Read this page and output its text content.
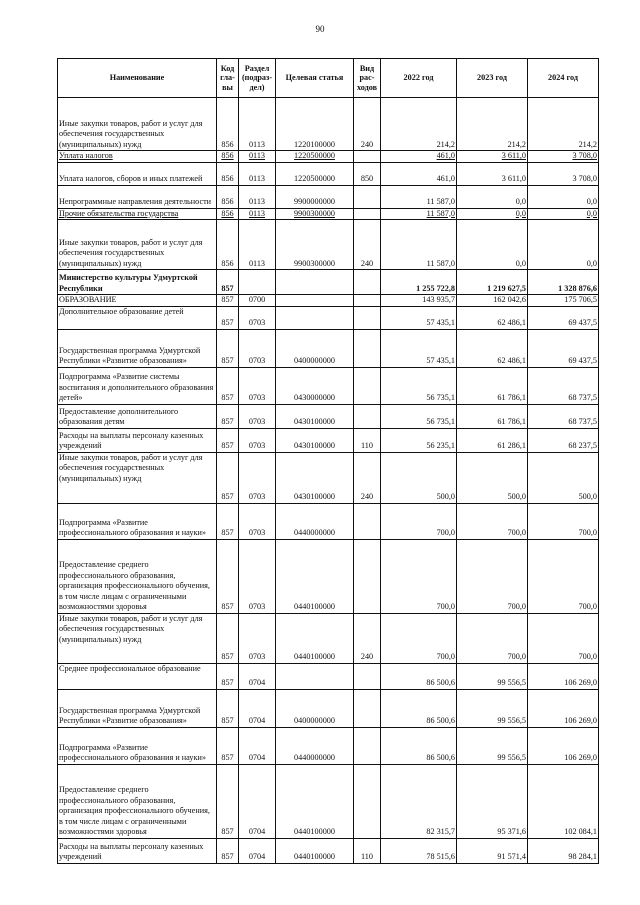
90
Наименование	Код гла- вы	Раздел (подраз- дел)	Целевая статья	Вид рас- ходов	2022 год	2023 год	2024 год
Иные закупки товаров, работ и услуг для обеспечения государственных (муниципальных) нужд	856	0113	1220100000	240	214,2	214,2	214,2
Уплата налогов	856	0113	1220500000		461,0	3 611,0	3 708,0
Уплата налогов, сборов и иных платежей	856	0113	1220500000	850	461,0	3 611,0	3 708,0
Непрограммные направления деятельности	856	0113	9900000000		11 587,0	0,0	0,0
Прочие обязательства государства	856	0113	9900300000		11 587,0	0,0	0,0
Иные закупки товаров, работ и услуг для обеспечения государственных (муниципальных) нужд	856	0113	9900300000	240	11 587,0	0,0	0,0
Министерство культуры Удмуртской Республики	857				1 255 722,8	1 219 627,5	1 328 876,6
ОБРАЗОВАНИЕ	857	0700			143 935,7	162 042,6	175 706,5
Дополнительное образование детей	857	0703			57 435,1	62 486,1	69 437,5
Государственная программа Удмуртской Республики «Развитие образования»	857	0703	0400000000		57 435,1	62 486,1	69 437,5
Подпрограмма «Развитие системы воспитания и дополнительного образования детей»	857	0703	0430000000		56 735,1	61 786,1	68 737,5
Предоставление дополнительного образования детям	857	0703	0430100000		56 735,1	61 786,1	68 737,5
Расходы на выплаты персоналу казенных учреждений	857	0703	0430100000	110	56 235,1	61 286,1	68 237,5
Иные закупки товаров, работ и услуг для обеспечения государственных (муниципальных) нужд	857	0703	0430100000	240	500,0	500,0	500,0
Подпрограмма «Развитие профессионального образования и науки»	857	0703	0440000000		700,0	700,0	700,0
Предоставление среднего профессионального образования, организация профессионального обучения, в том числе лицам с ограниченными возможностями здоровья	857	0703	0440100000		700,0	700,0	700,0
Иные закупки товаров, работ и услуг для обеспечения государственных (муниципальных) нужд	857	0703	0440100000	240	700,0	700,0	700,0
Среднее профессиональное образование	857	0704			86 500,6	99 556,5	106 269,0
Государственная программа Удмуртской Республики «Развитие образования»	857	0704	0400000000		86 500,6	99 556,5	106 269,0
Подпрограмма «Развитие профессионального образования и науки»	857	0704	0440000000		86 500,6	99 556,5	106 269,0
Предоставление среднего профессионального образования, организация профессионального обучения, в том числе лицам с ограниченными возможностями здоровья	857	0704	0440100000		82 315,7	95 371,6	102 084,1
Расходы на выплаты персоналу казенных учреждений	857	0704	0440100000	110	78 515,6	91 571,4	98 284,1
